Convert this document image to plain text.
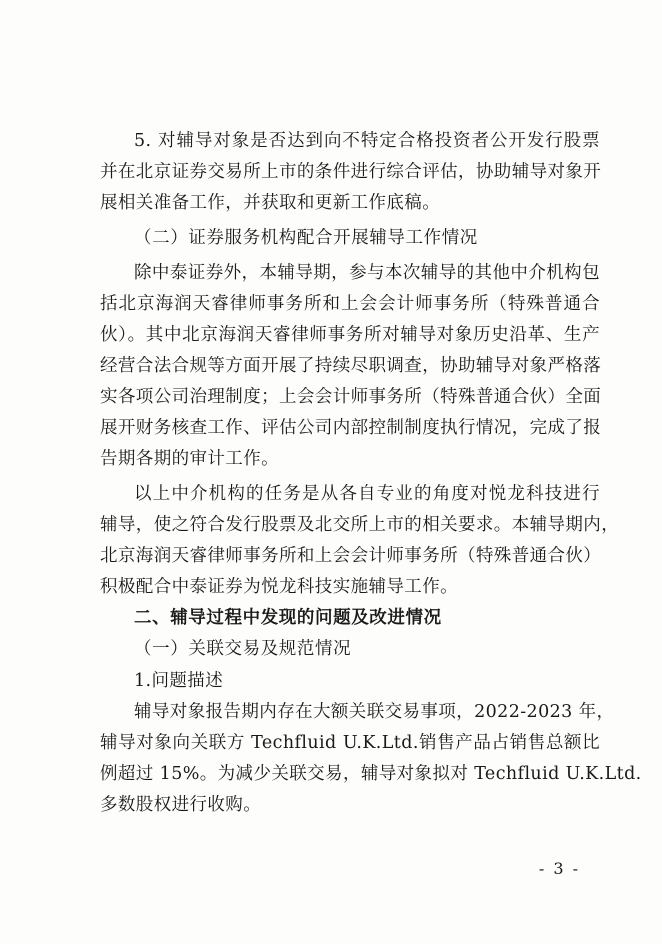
5. 对辅导对象是否达到向不特定合格投资者公开发行股票
并在北京证券交易所上市的条件进行综合评估，协助辅导对象开
展相关准备工作，并获取和更新工作底稿。
（二）证券服务机构配合开展辅导工作情况
除中泰证券外，本辅导期，参与本次辅导的其他中介机构包
括北京海润天睿律师事务所和上会会计师事务所（特殊普通合
伙）。其中北京海润天睿律师事务所对辅导对象历史沿革、生产
经营合法合规等方面开展了持续尽职调查，协助辅导对象严格落
实各项公司治理制度；上会会计师事务所（特殊普通合伙）全面
展开财务核查工作、评估公司内部控制制度执行情况，完成了报
告期各期的审计工作。
以上中介机构的任务是从各自专业的角度对悦龙科技进行
辅导，使之符合发行股票及北交所上市的相关要求。本辅导期内，
北京海润天睿律师事务所和上会会计师事务所（特殊普通合伙）
积极配合中泰证券为悦龙科技实施辅导工作。
二、辅导过程中发现的问题及改进情况
（一）关联交易及规范情况
1.问题描述
辅导对象报告期内存在大额关联交易事项，2022-2023 年，
辅导对象向关联方 Techfluid U.K.Ltd.销售产品占销售总额比
例超过 15%。为减少关联交易，辅导对象拟对 Techfluid U.K.Ltd.
多数股权进行收购。
- 3 -
